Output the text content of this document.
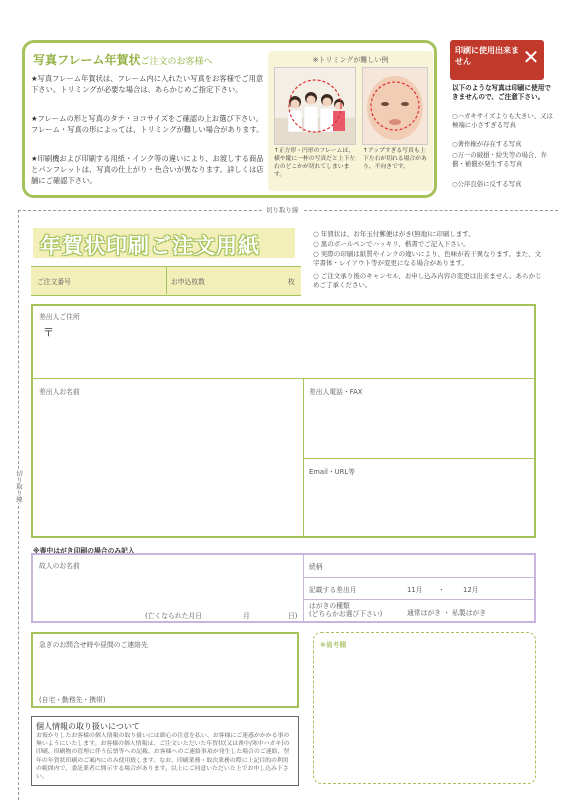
写真フレーム年賀状ご注文のお客様へ
★写真フレーム年賀状は、フレーム内に入れたい写真をお客様でご用意下さい。トリミングが必要な場合は、あらかじめご指定下さい。
★フレームの形と写真のタテ・ヨコサイズをご確認の上お選び下さい。フレーム・写真の形によっては、トリミングが難しい場合があります。
★印刷機および印刷する用紙・インク等の違いにより、お渡しする商品とパンフレットは、写真の仕上がり・色合いが異なります。詳しくは店舗にご確認下さい。
※トリミングが難しい例
↑正方形・円形のフレームは、横や縦に一杯の写真だと上下左右のどこかが切れてしまいます。
↑アップすぎる写真も上下左右が切れる場合があり、不向きです。
印刷に使用出来ません	✕
以下のような写真は印刷に使用できませんので、ご注意下さい。
○ハガキサイズよりも大きい、又は極端に小さすぎる写真
○著作権が存在する写真
○万一の破損・紛失等の場合、弁償・補償が発生する写真
○公序良俗に反する写真
切り取り線
切り取り線
年賀状印刷ご注文用紙	○ 年賀状は、お年玉付郵便はがき(無地)に印刷します。
○ 黒のボールペンでハッキリ、楷書でご記入下さい。
○ 実際の印刷は紙質やインクの違いにより、色味が若干異なります。また、文字書体・レイアウト等が変更になる場合があります。
○ ご注文承り後のキャンセル、お申し込み内容の変更は出来ません。あらかじめご了承ください。
ご注文番号	お申込枚数	枚
差出人ご住所
〒
差出人お名前	差出人電話・FAX
Email・URL等
※喪中はがき印刷の場合のみ記入
故人のお名前
(亡くなられた月日	月	日)
続柄
記載する差出月	11月 ・	12月
はがきの種類
(どちらかお選び下さい)	通常はがき ・ 私製はがき
急ぎのお問合せ時や昼間のご連絡先
(自宅・勤務先・携帯)
※備考欄
個人情報の取り扱いについて
お預かりしたお客様の個人情報の取り扱いには細心の注意を払い、お客様にご迷惑がかかる事の無いようにいたします。お客様の個人情報は、ご注文いただいた年賀状(又は喪中/寒中ハガキ)の印刷、印刷物の管理に伴う伝票等への記載、お客様へのご連絡事項が発生した場合のご連絡、翌年の年賀状印刷のご案内にのみ使用致します。なお、印刷業務・取次業務の際に上記目的の利用の範囲内で、委託業者に開示する場合があります。以上にご同意いただいた上でお申し込み下さい。
